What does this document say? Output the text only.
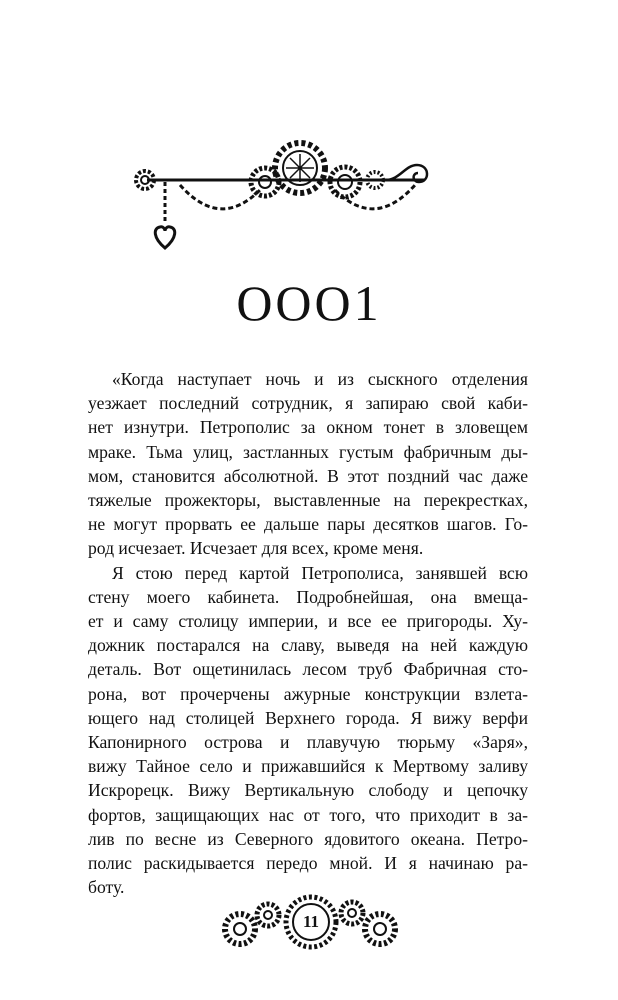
OOO1

«Когда наступает ночь и из сыскного отделения
уезжает последний сотрудник, я запираю свой каби-
нет изнутри. Петрополис за окном тонет в зловещем
мраке. Тьма улиц, застланных густым фабричным ды-
мом, становится абсолютной. В этот поздний час даже
тяжелые прожекторы, выставленные на перекрестках,
не могут прорвать ее дальше пары десятков шагов. Го-
род исчезает. Исчезает для всех, кроме меня.

Я стою перед картой Петрополиса, занявшей всю
стену моего кабинета. Подробнейшая, она вмеща-
ет и саму столицу империи, и все ее пригороды. Ху-
дожник постарался на славу, выведя на ней каждую
деталь. Вот ощетинилась лесом труб Фабричная сто-
рона, вот прочерчены ажурные конструкции взлета-
ющего над столицей Верхнего города. Я вижу верфи
Капонирного острова и плавучую тюрьму «Заря»,
вижу Тайное село и прижавшийся к Мертвому заливу
Искрорецк. Вижу Вертикальную слободу и цепочку
фортов, защищающих нас от того, что приходит в за-
лив по весне из Северного ядовитого океана. Петро-
полис раскидывается передо мной. И я начинаю ра-
боту.

11
